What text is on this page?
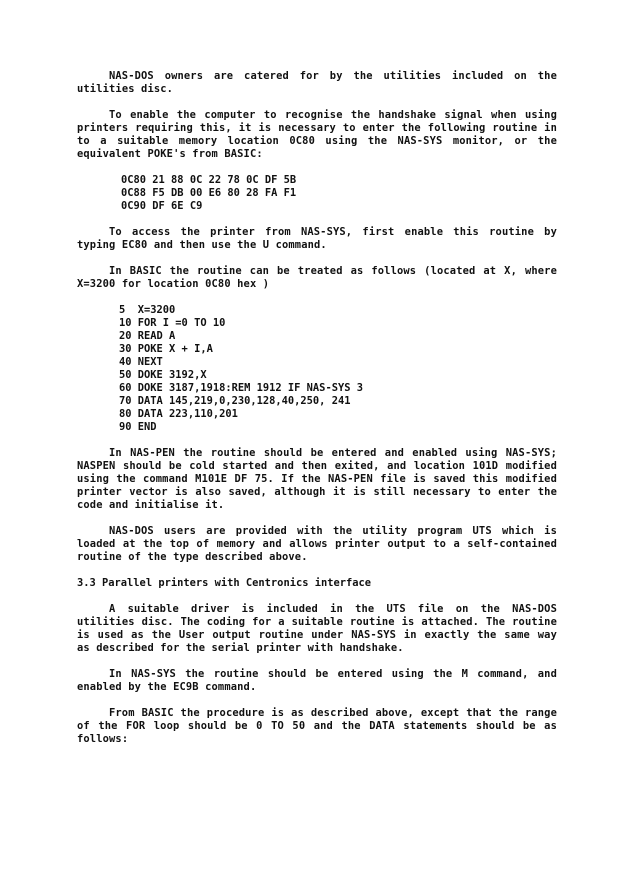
NAS-DOS owners are catered for by the utilities included on the utilities disc.

To enable the computer to recognise the handshake signal when using printers requiring this, it is necessary to enter the following routine in to a suitable memory location 0C80 using the NAS-SYS monitor, or the equivalent POKE's from BASIC:

0C80 21 88 0C 22 78 0C DF 5B
0C88 F5 DB 00 E6 80 28 FA F1
0C90 DF 6E C9

To access the printer from NAS-SYS, first enable this routine by typing EC80 and then use the U command.

In BASIC the routine can be treated as follows (located at X, where X=3200 for location 0C80 hex )

5  X=3200
10 FOR I =0 TO 10
20 READ A
30 POKE X + I,A
40 NEXT
50 DOKE 3192,X
60 DOKE 3187,1918:REM 1912 IF NAS-SYS 3
70 DATA 145,219,0,230,128,40,250, 241
80 DATA 223,110,201
90 END

In NAS-PEN the routine should be entered and enabled using NAS-SYS; NASPEN should be cold started and then exited, and location 101D modified using the command M101E DF 75. If the NAS-PEN file is saved this modified printer vector is also saved, although it is still necessary to enter the code and initialise it.

NAS-DOS users are provided with the utility program UTS which is loaded at the top of memory and allows printer output to a self-contained routine of the type described above.

3.3 Parallel printers with Centronics interface

A suitable driver is included in the UTS file on the NAS-DOS utilities disc. The coding for a suitable routine is attached. The routine is used as the User output routine under NAS-SYS in exactly the same way as described for the serial printer with handshake.

In NAS-SYS the routine should be entered using the M command, and enabled by the EC9B command.

From BASIC the procedure is as described above, except that the range of the FOR loop should be 0 TO 50 and the DATA statements should be as follows:
